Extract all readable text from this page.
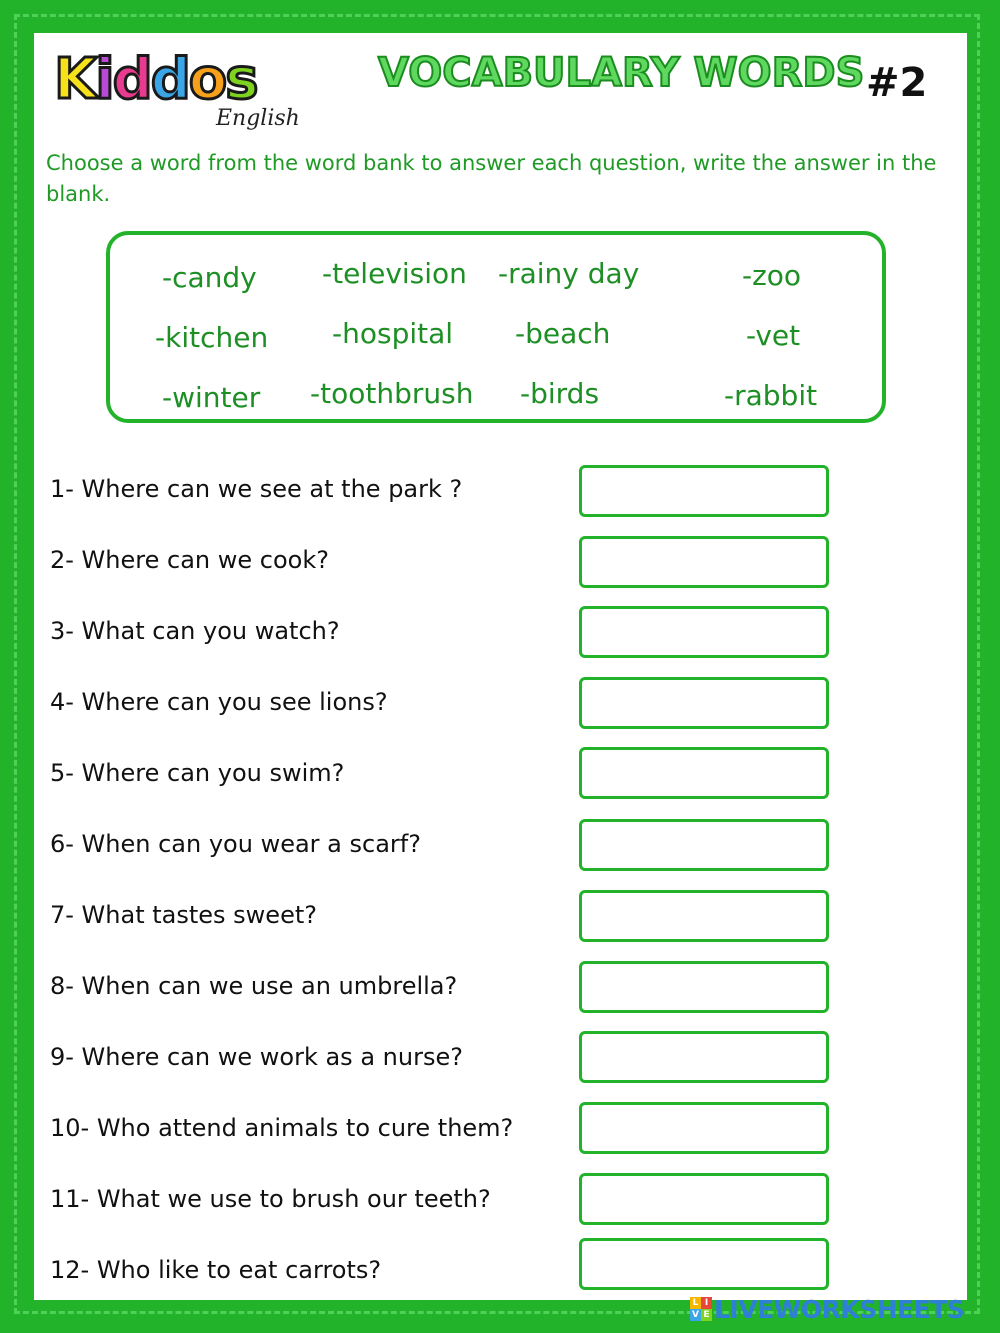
Kiddos
English
VOCABULARY WORDS #2
Choose a word from the word bank to answer each question, write the answer in the blank.
-candy -television -rainy day	-zoo
-kitchen -hospital -beach	-vet
-winter -toothbrush -birds	-rabbit
1- Where can we see at the park ?
2- Where can we cook?
3- What can you watch?
4- Where can you see lions?
5- Where can you swim?
6- When can you wear a scarf?
7- What tastes sweet?
8- When can we use an umbrella?
9- Where can we work as a nurse?
10- Who attend animals to cure them?
11- What we use to brush our teeth?
12- Who like to eat carrots?
L I
V E LIVEWORKSHEETS
